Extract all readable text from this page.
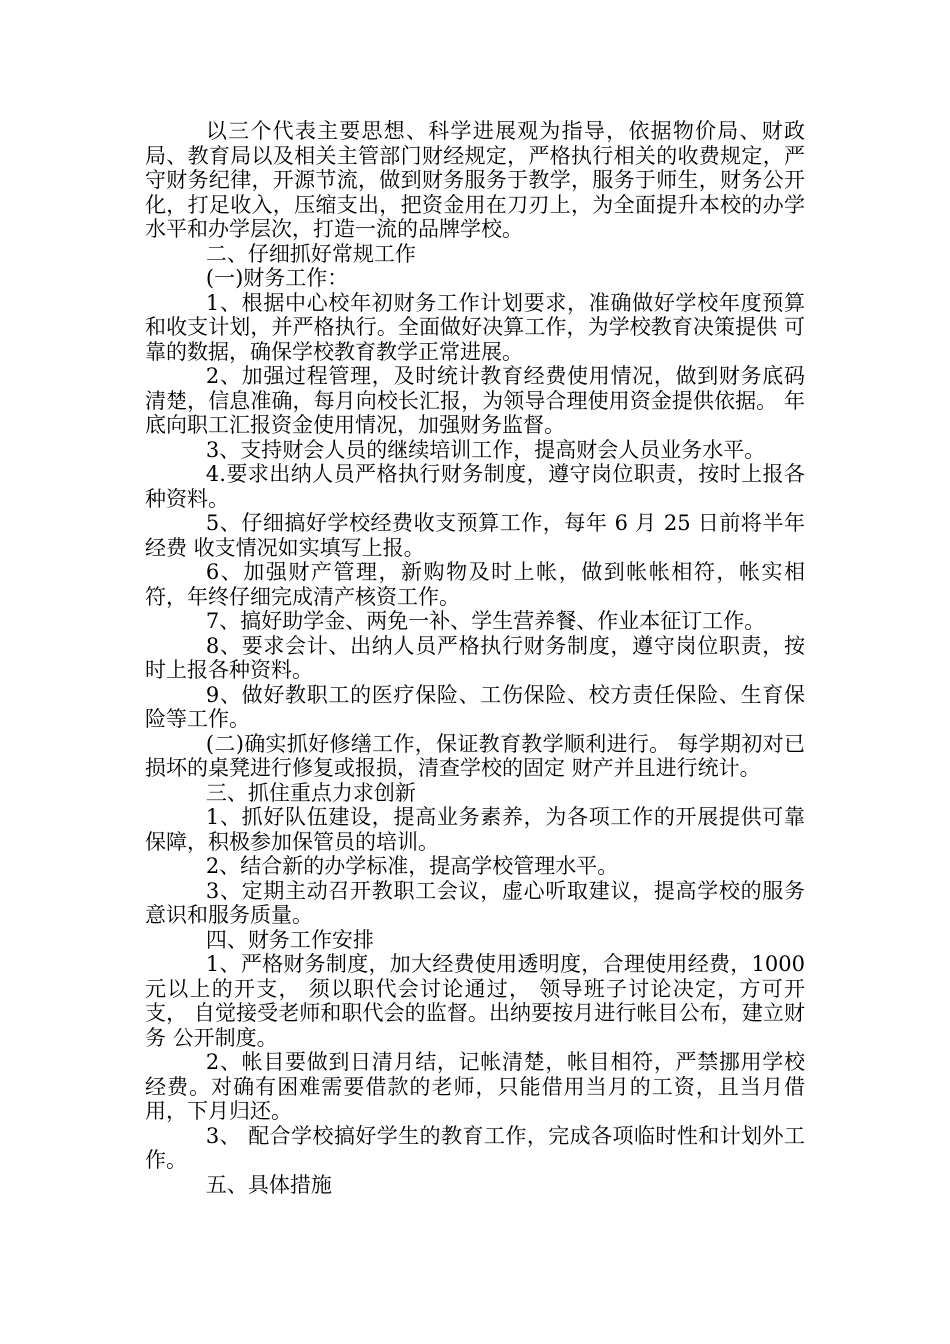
以三个代表主要思想、科学进展观为指导，依据物价局、财政局、教育局以及相关主管部门财经规定，严格执行相关的收费规定，严守财务纪律，开源节流，做到财务服务于教学，服务于师生，财务公开化，打足收入，压缩支出，把资金用在刀刃上，为全面提升本校的办学水平和办学层次，打造一流的品牌学校。

二、仔细抓好常规工作

(一)财务工作：

1、根据中心校年初财务工作计划要求，准确做好学校年度预算 和收支计划，并严格执行。全面做好决算工作，为学校教育决策提供 可靠的数据，确保学校教育教学正常进展。

2、加强过程管理，及时统计教育经费使用情况，做到财务底码 清楚，信息准确，每月向校长汇报，为领导合理使用资金提供依据。 年底向职工汇报资金使用情况，加强财务监督。

3、支持财会人员的继续培训工作，提高财会人员业务水平。

4.要求出纳人员严格执行财务制度，遵守岗位职责，按时上报各 种资料。

5、仔细搞好学校经费收支预算工作，每年 6 月 25 日前将半年经费 收支情况如实填写上报。

6、加强财产管理，新购物及时上帐，做到帐帐相符，帐实相符，年终仔细完成清产核资工作。

7、搞好助学金、两免一补、学生营养餐、作业本征订工作。

8、要求会计、出纳人员严格执行财务制度，遵守岗位职责，按 时上报各种资料。

9、做好教职工的医疗保险、工伤保险、校方责任保险、生育保险等工作。

(二)确实抓好修缮工作，保证教育教学顺利进行。 每学期初对已损坏的桌凳进行修复或报损，清查学校的固定 财产并且进行统计。

三、抓住重点力求创新

1、抓好队伍建设，提高业务素养，为各项工作的开展提供可靠 保障，积极参加保管员的培训。

2、结合新的办学标准，提高学校管理水平。

3、定期主动召开教职工会议，虚心听取建议，提高学校的服务 意识和服务质量。

四、财务工作安排

1、严格财务制度，加大经费使用透明度，合理使用经费，1000 元以上的开支， 须以职代会讨论通过， 领导班子讨论决定，方可开支， 自觉接受老师和职代会的监督。出纳要按月进行帐目公布，建立财务 公开制度。

2、帐目要做到日清月结，记帐清楚，帐目相符，严禁挪用学校 经费。对确有困难需要借款的老师，只能借用当月的工资，且当月借用，下月归还。

3、 配合学校搞好学生的教育工作，完成各项临时性和计划外工作。

五、具体措施
